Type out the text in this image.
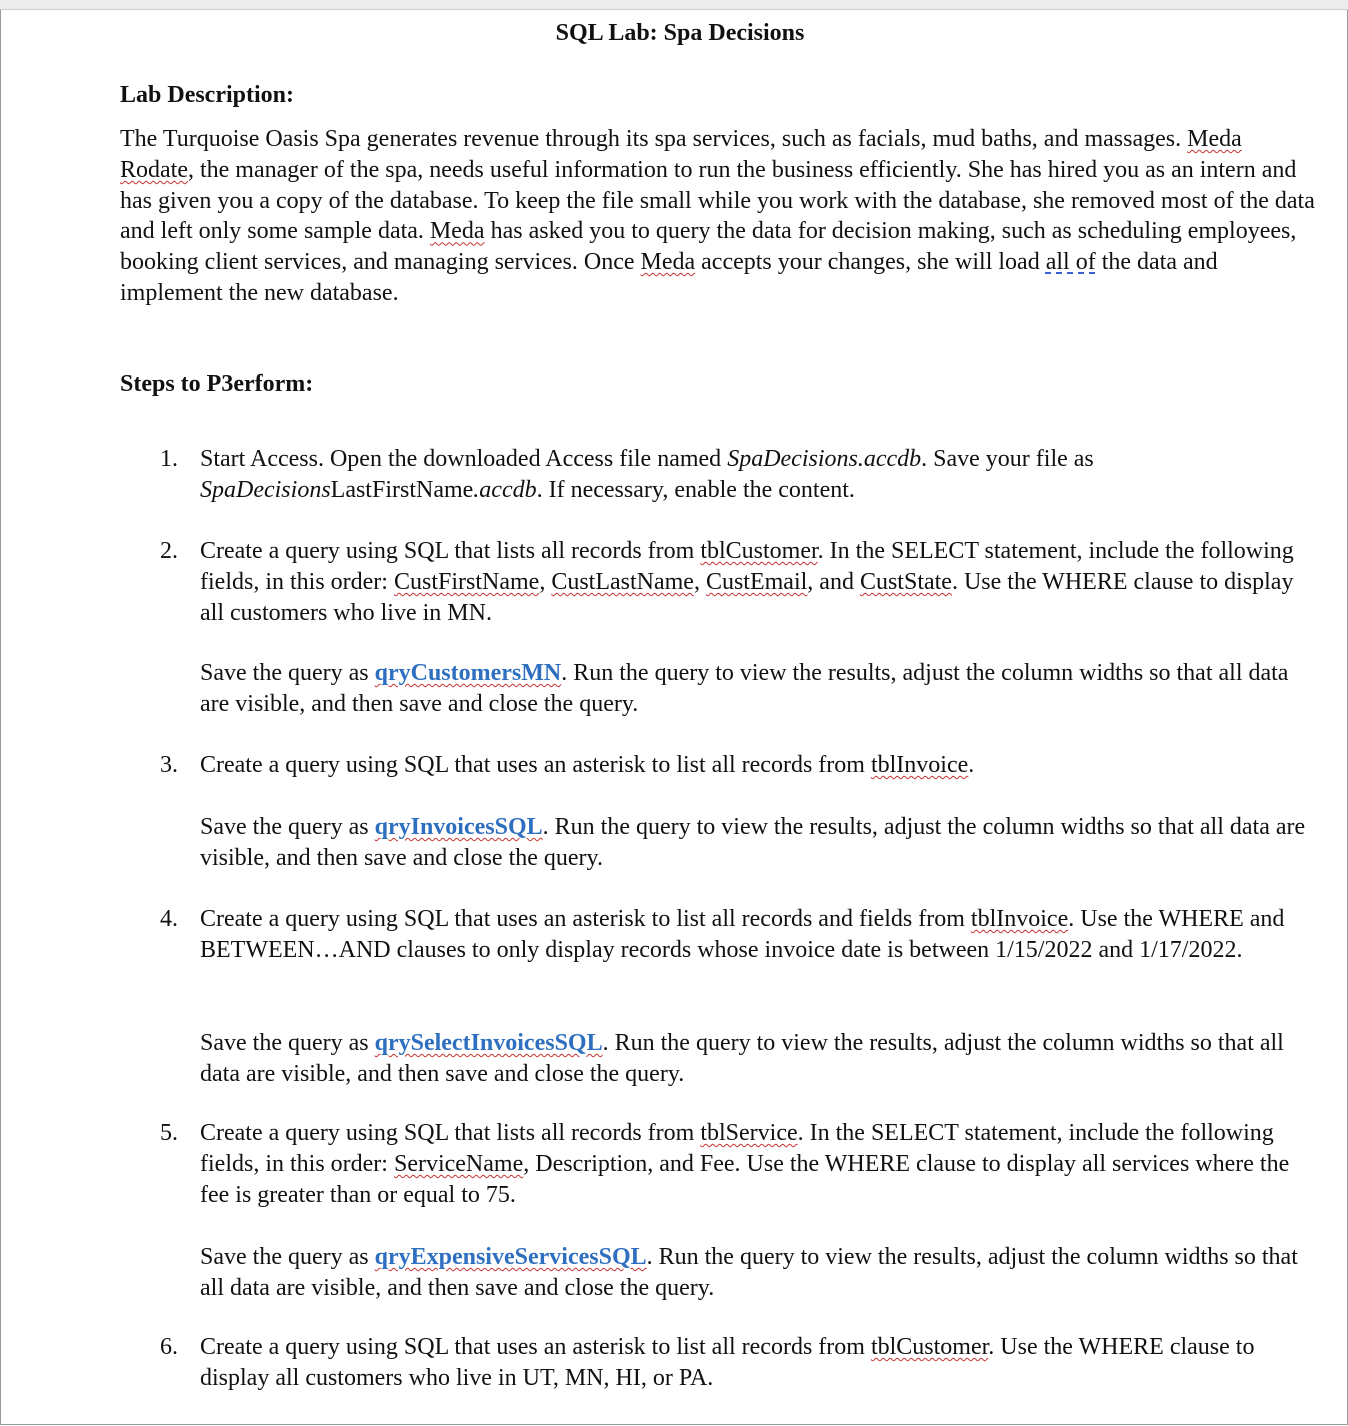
SQL Lab: Spa Decisions
Lab Description:
The Turquoise Oasis Spa generates revenue through its spa services, such as facials, mud baths, and massages. Meda Rodate, the manager of the spa, needs useful information to run the business efficiently. She has hired you as an intern and has given you a copy of the database. To keep the file small while you work with the database, she removed most of the data and left only some sample data. Meda has asked you to query the data for decision making, such as scheduling employees, booking client services, and managing services. Once Meda accepts your changes, she will load all of the data and implement the new database.
Steps to P3erform:
1. Start Access. Open the downloaded Access file named SpaDecisions.accdb. Save your file as SpaDecisionsLastFirstName.accdb. If necessary, enable the content.
2. Create a query using SQL that lists all records from tblCustomer. In the SELECT statement, include the following fields, in this order: CustFirstName, CustLastName, CustEmail, and CustState. Use the WHERE clause to display all customers who live in MN.
Save the query as qryCustomersMN. Run the query to view the results, adjust the column widths so that all data are visible, and then save and close the query.
3. Create a query using SQL that uses an asterisk to list all records from tblInvoice.
Save the query as qryInvoicesSQL. Run the query to view the results, adjust the column widths so that all data are visible, and then save and close the query.
4. Create a query using SQL that uses an asterisk to list all records and fields from tblInvoice. Use the WHERE and BETWEEN…AND clauses to only display records whose invoice date is between 1/15/2022 and 1/17/2022.
Save the query as qrySelectInvoicesSQL. Run the query to view the results, adjust the column widths so that all data are visible, and then save and close the query.
5. Create a query using SQL that lists all records from tblService. In the SELECT statement, include the following fields, in this order: ServiceName, Description, and Fee. Use the WHERE clause to display all services where the fee is greater than or equal to 75.
Save the query as qryExpensiveServicesSQL. Run the query to view the results, adjust the column widths so that all data are visible, and then save and close the query.
6. Create a query using SQL that uses an asterisk to list all records from tblCustomer. Use the WHERE clause to display all customers who live in UT, MN, HI, or PA.
